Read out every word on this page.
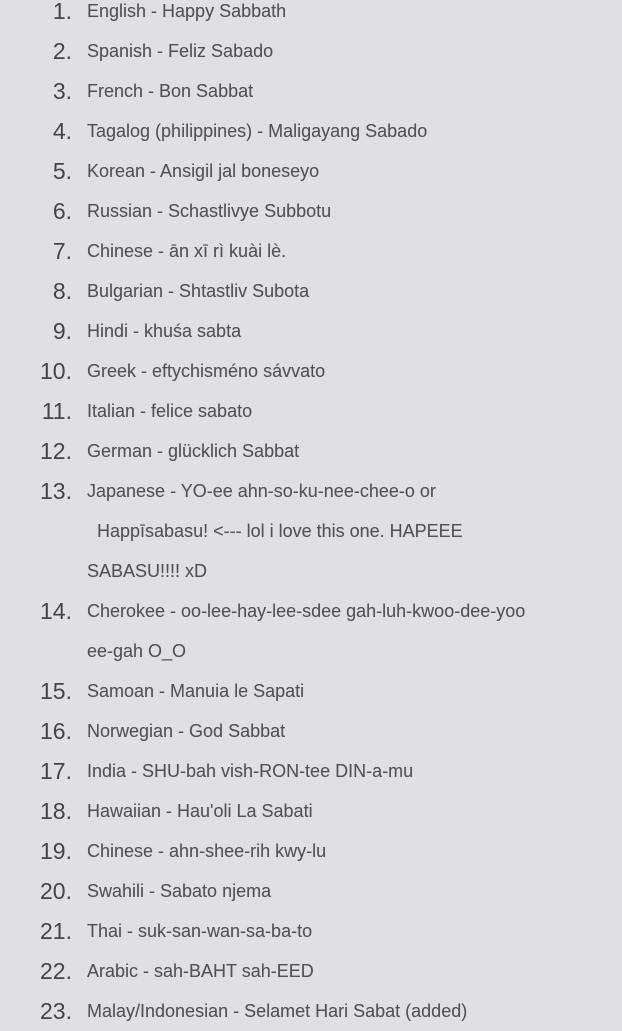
1. English - Happy Sabbath
2. Spanish - Feliz Sabado
3. French - Bon Sabbat
4. Tagalog (philippines) - Maligayang Sabado
5. Korean - Ansigil jal boneseyo
6. Russian - Schastlivye Subbotu
7. Chinese - ān xī rì kuài lè.
8. Bulgarian - Shtastliv Subota
9. Hindi - khuśa sabta
10. Greek - eftychisméno sávvato
11. Italian - felice sabato
12. German - glücklich Sabbat
13. Japanese - YO-ee ahn-so-ku-nee-chee-o or
Happīsabasu! <--- lol i love this one. HAPEEE
SABASU!!!! xD
14. Cherokee - oo-lee-hay-lee-sdee gah-luh-kwoo-dee-yoo
ee-gah O_O
15. Samoan - Manuia le Sapati
16. Norwegian - God Sabbat
17. India - SHU-bah vish-RON-tee DIN-a-mu
18. Hawaiian - Hau'oli La Sabati
19. Chinese - ahn-shee-rih kwy-lu
20. Swahili - Sabato njema
21. Thai - suk-san-wan-sa-ba-to
22. Arabic - sah-BAHT sah-EED
23. Malay/Indonesian - Selamet Hari Sabat (added)
